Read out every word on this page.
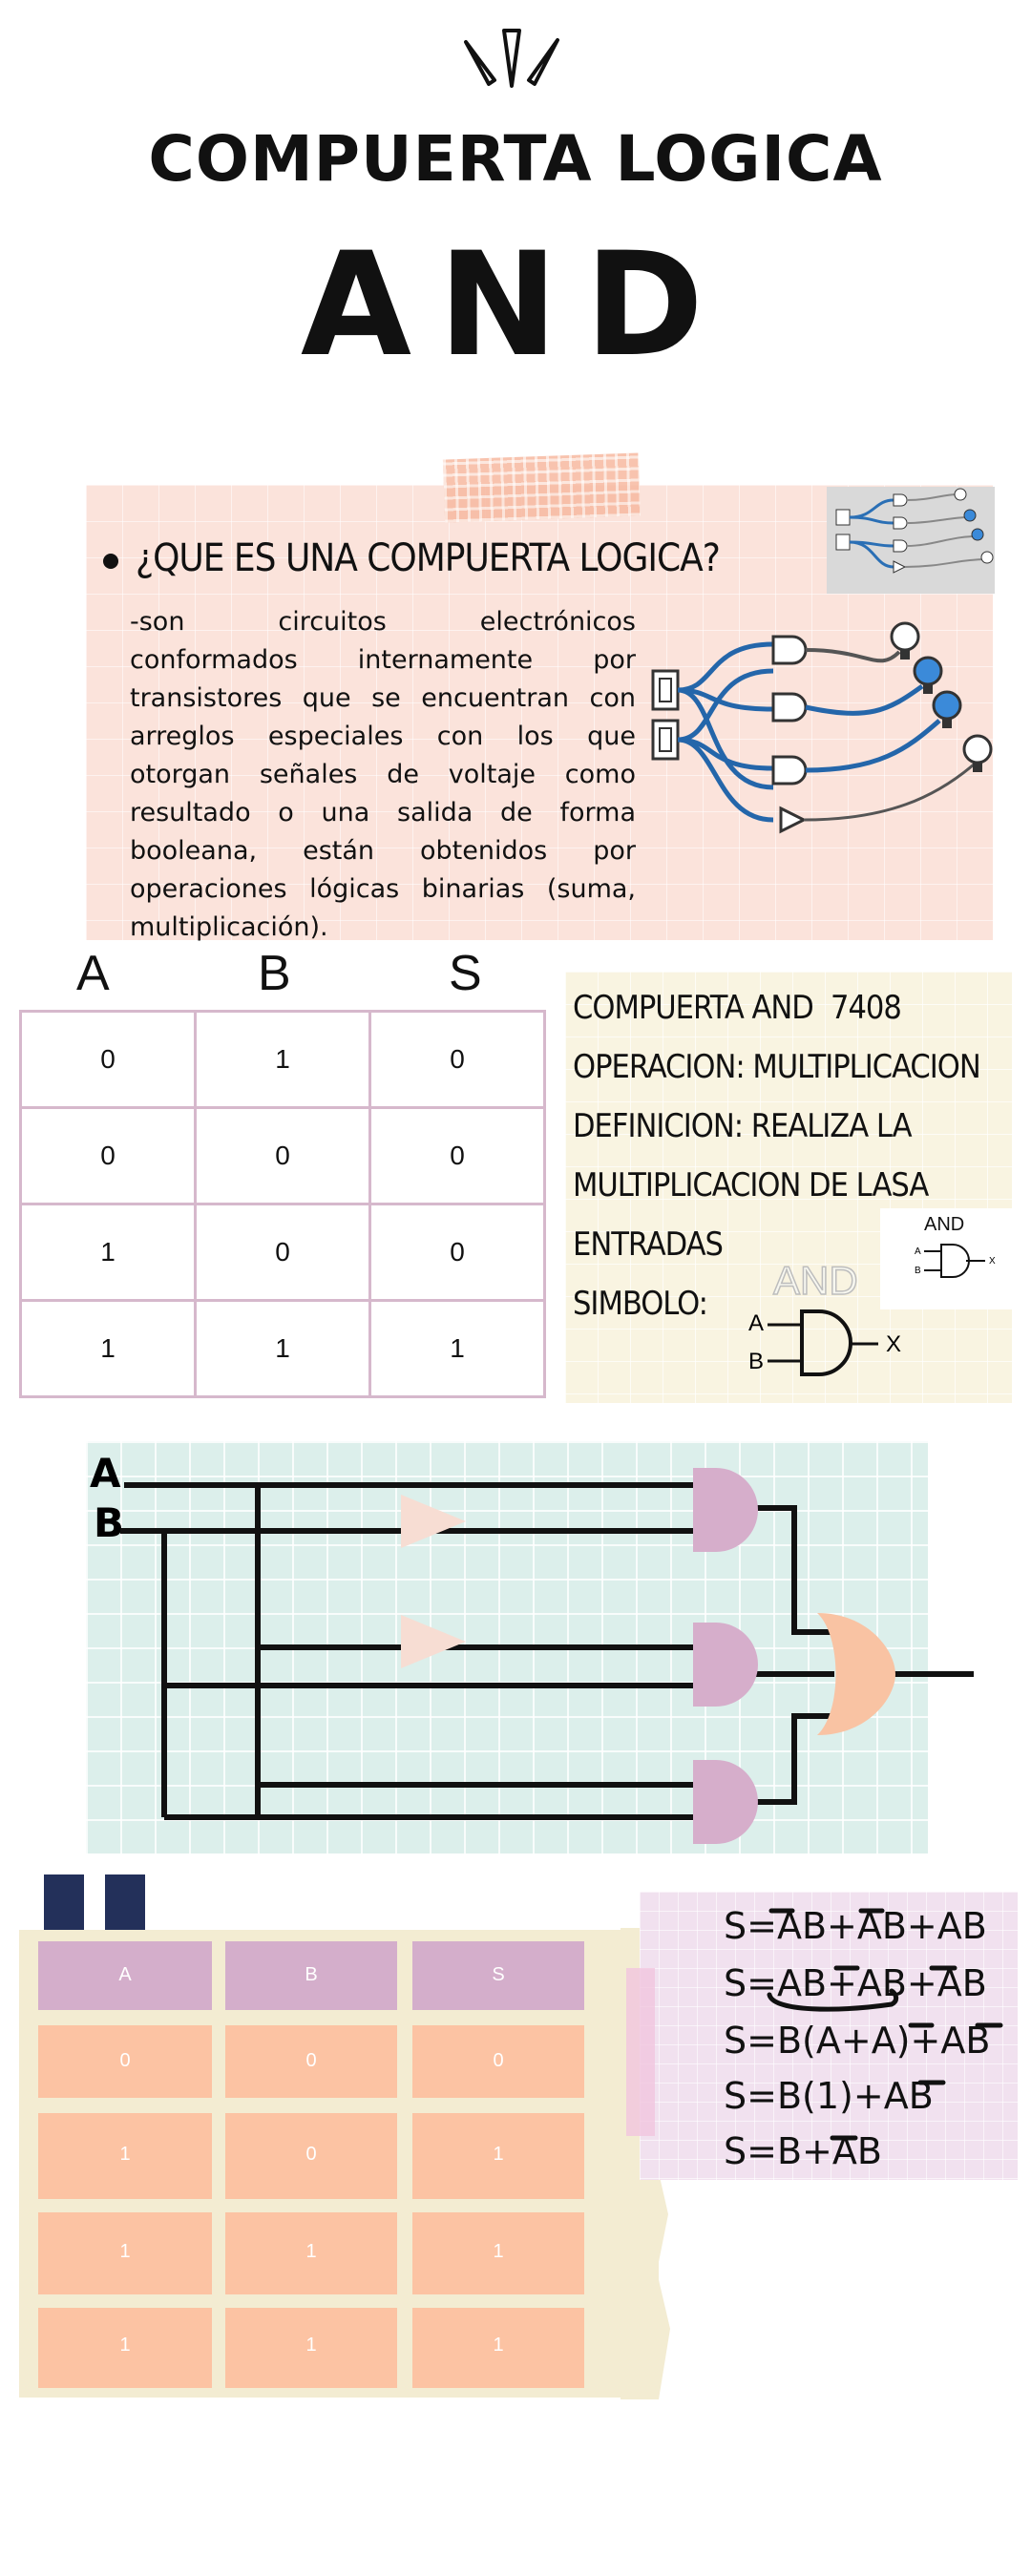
COMPUERTA LOGICA
AND
¿QUE ES UNA COMPUERTA LOGICA?
-son circuitos electrónicos conformados internamente por transistores que se encuentran con arreglos especiales con los que otorgan señales de voltaje como resultado o una salida de forma booleana, están obtenidos por operaciones lógicas binarias (suma, multiplicación).
A	B	S
0	1	0
0	0	0
1	0	0
1	1	1
COMPUERTA AND 7408
OPERACION: MULTIPLICACION
DEFINICION: REALIZA LA
MULTIPLICACION DE LASA
ENTRADAS
SIMBOLO:
AND
A
B
X
AND
A
B
X
A
B
A	B	S
0	0	0
1	0	1
1	1	1
1	1	1
S=AB+AB+AB
S=AB+AB+AB
S=B(A+A)+AB
S=B(1)+AB
S=B+AB
